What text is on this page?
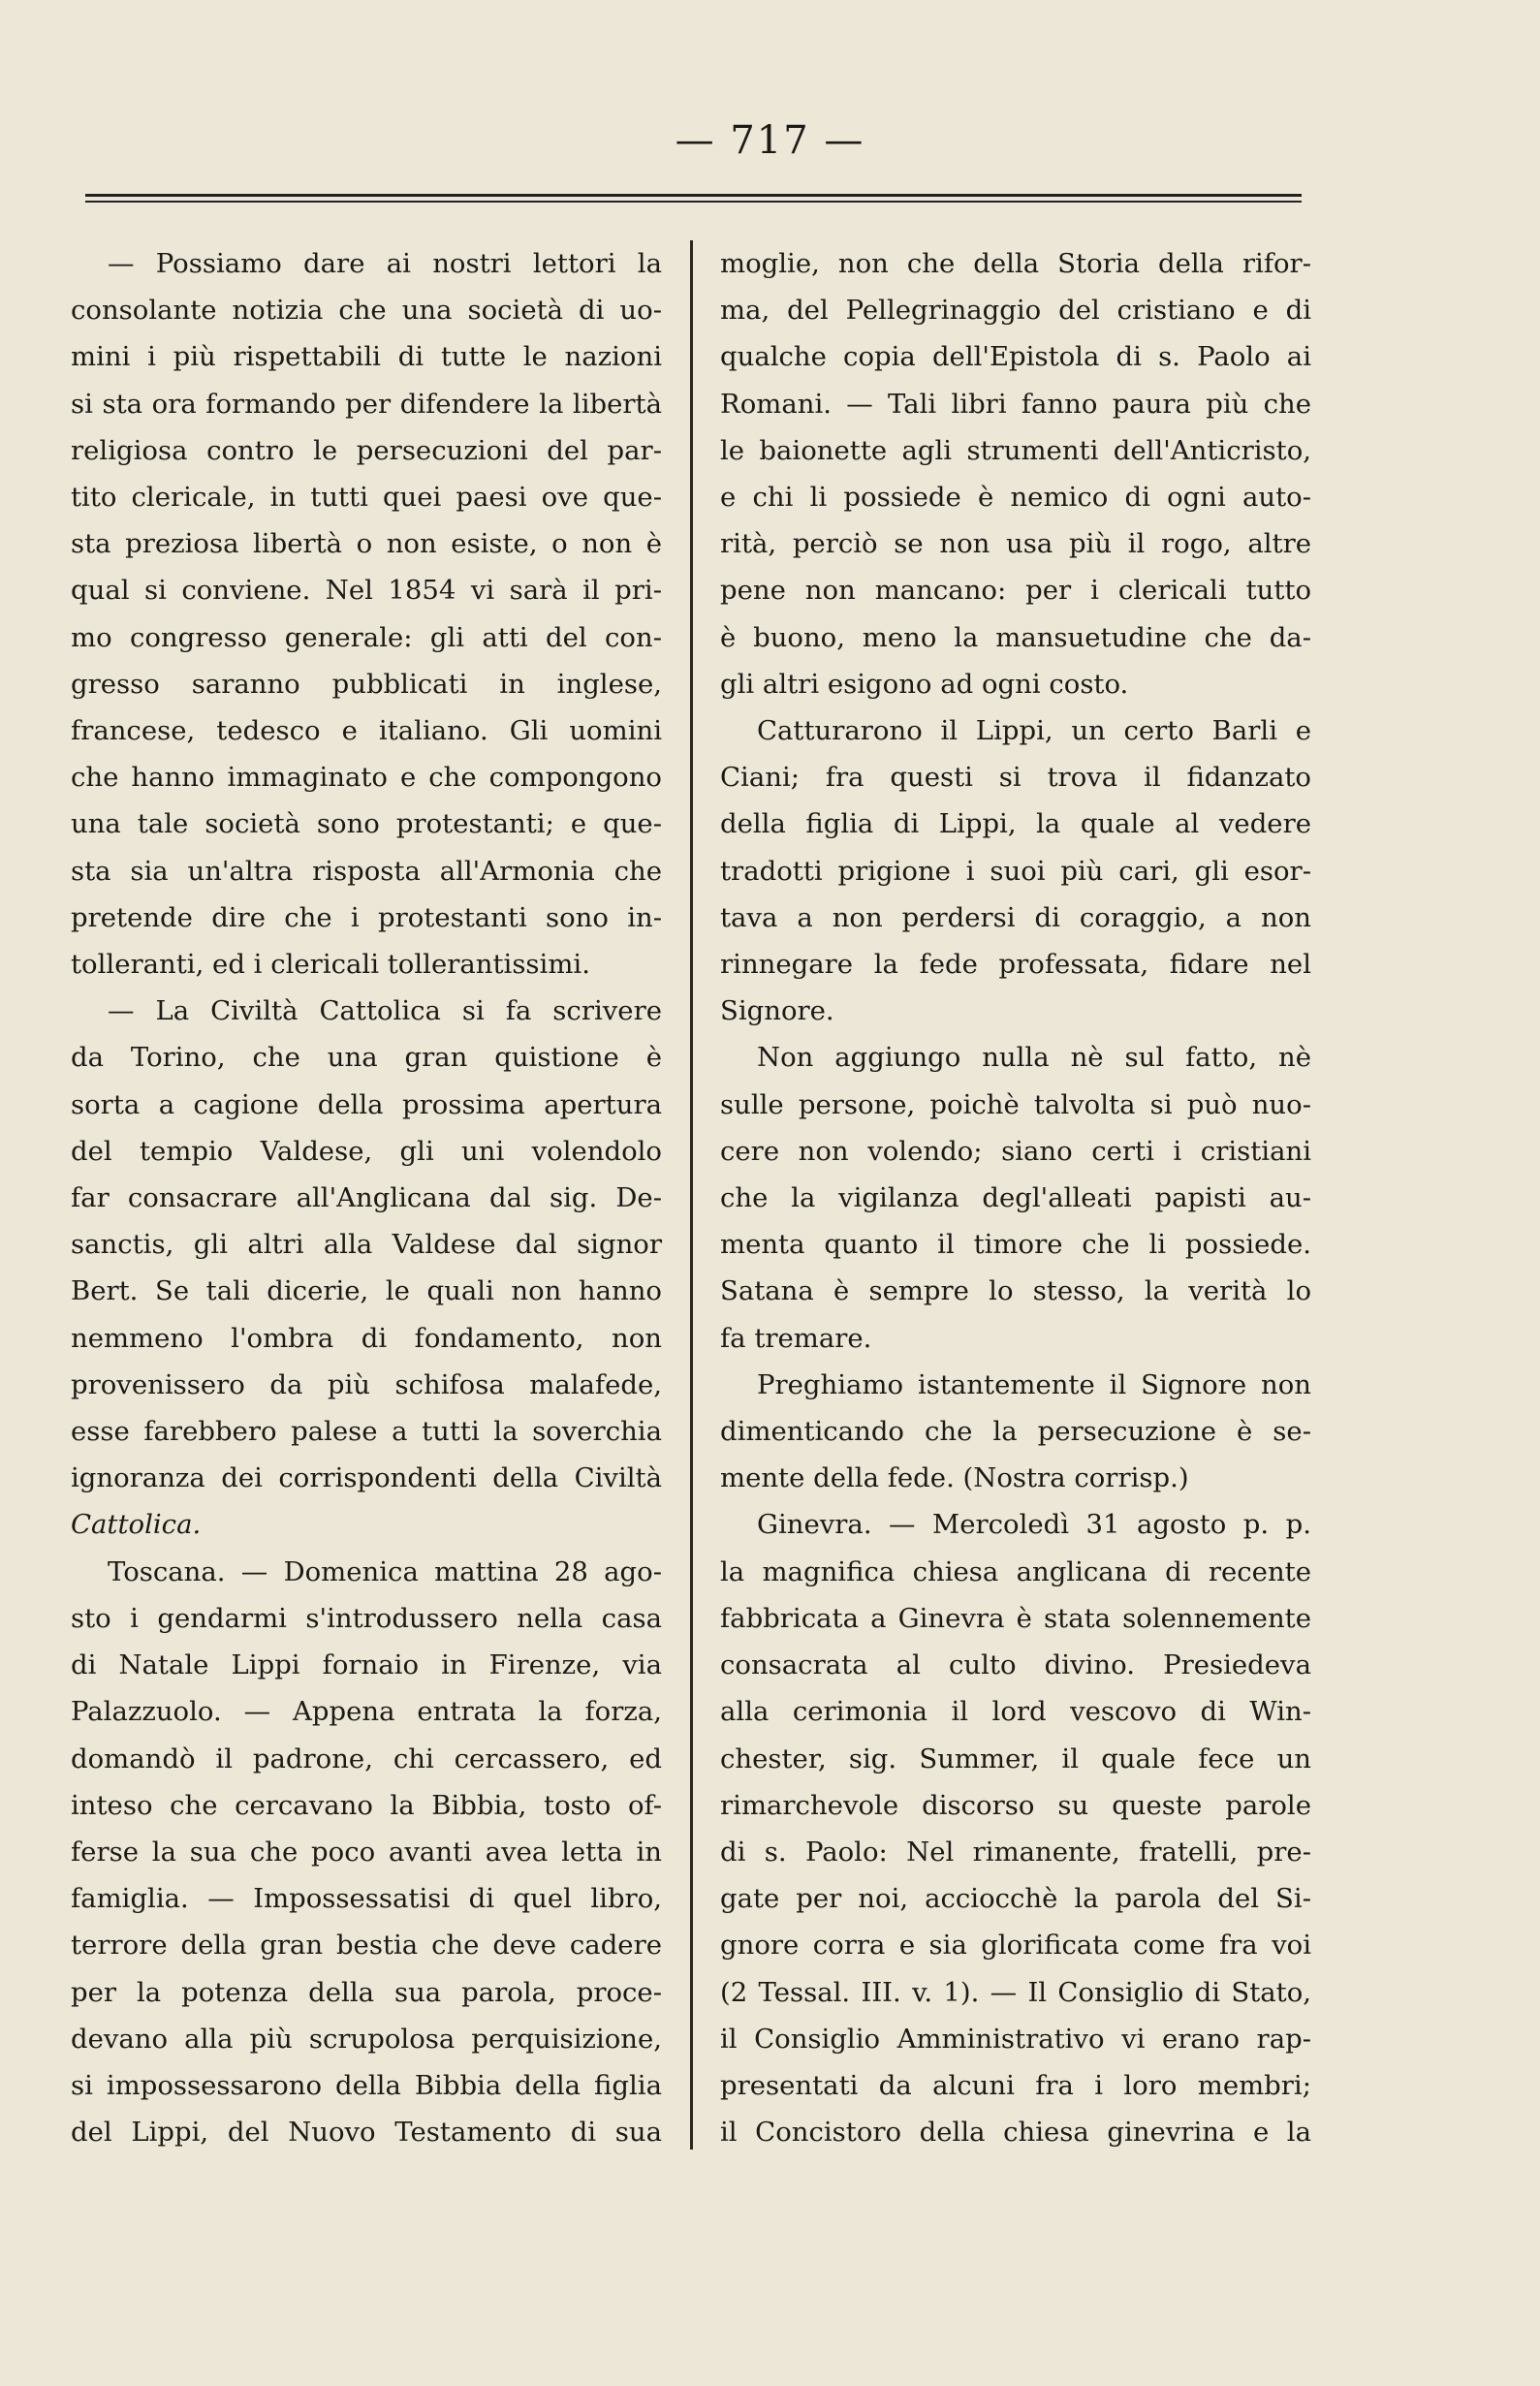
— 717 —
— Possiamo dare ai nostri lettori la
consolante notizia che una società di uo-
mini i più rispettabili di tutte le nazioni
si sta ora formando per difendere la libertà
religiosa contro le persecuzioni del par-
tito clericale, in tutti quei paesi ove que-
sta preziosa libertà o non esiste, o non è
qual si conviene. Nel 1854 vi sarà il pri-
mo congresso generale: gli atti del con-
gresso saranno pubblicati in inglese,
francese, tedesco e italiano. Gli uomini
che hanno immaginato e che compongono
una tale società sono protestanti; e que-
sta sia un'altra risposta all'Armonia che
pretende dire che i protestanti sono in-
tolleranti, ed i clericali tollerantissimi.
— La Civiltà Cattolica si fa scrivere
da Torino, che una gran quistione è
sorta a cagione della prossima apertura
del tempio Valdese, gli uni volendolo
far consacrare all'Anglicana dal sig. De-
sanctis, gli altri alla Valdese dal signor
Bert. Se tali dicerie, le quali non hanno
nemmeno l'ombra di fondamento, non
provenissero da più schifosa malafede,
esse farebbero palese a tutti la soverchia
ignoranza dei corrispondenti della Civiltà
Cattolica.
Toscana. — Domenica mattina 28 ago-
sto i gendarmi s'introdussero nella casa
di Natale Lippi fornaio in Firenze, via
Palazzuolo. — Appena entrata la forza,
domandò il padrone, chi cercassero, ed
inteso che cercavano la Bibbia, tosto of-
ferse la sua che poco avanti avea letta in
famiglia. — Impossessatisi di quel libro,
terrore della gran bestia che deve cadere
per la potenza della sua parola, proce-
devano alla più scrupolosa perquisizione,
si impossessarono della Bibbia della figlia
del Lippi, del Nuovo Testamento di sua
moglie, non che della Storia della rifor-
ma, del Pellegrinaggio del cristiano e di
qualche copia dell'Epistola di s. Paolo ai
Romani. — Tali libri fanno paura più che
le baionette agli strumenti dell'Anticristo,
e chi li possiede è nemico di ogni auto-
rità, perciò se non usa più il rogo, altre
pene non mancano: per i clericali tutto
è buono, meno la mansuetudine che da-
gli altri esigono ad ogni costo.
Catturarono il Lippi, un certo Barli e
Ciani; fra questi si trova il fidanzato
della figlia di Lippi, la quale al vedere
tradotti prigione i suoi più cari, gli esor-
tava a non perdersi di coraggio, a non
rinnegare la fede professata, fidare nel
Signore.
Non aggiungo nulla nè sul fatto, nè
sulle persone, poichè talvolta si può nuo-
cere non volendo; siano certi i cristiani
che la vigilanza degl'alleati papisti au-
menta quanto il timore che li possiede.
Satana è sempre lo stesso, la verità lo
fa tremare.
Preghiamo istantemente il Signore non
dimenticando che la persecuzione è se-
mente della fede. (Nostra corrisp.)
Ginevra. — Mercoledì 31 agosto p. p.
la magnifica chiesa anglicana di recente
fabbricata a Ginevra è stata solennemente
consacrata al culto divino. Presiedeva
alla cerimonia il lord vescovo di Win-
chester, sig. Summer, il quale fece un
rimarchevole discorso su queste parole
di s. Paolo: Nel rimanente, fratelli, pre-
gate per noi, acciocchè la parola del Si-
gnore corra e sia glorificata come fra voi
(2 Tessal. III. v. 1). — Il Consiglio di Stato,
il Consiglio Amministrativo vi erano rap-
presentati da alcuni fra i loro membri;
il Concistoro della chiesa ginevrina e la
